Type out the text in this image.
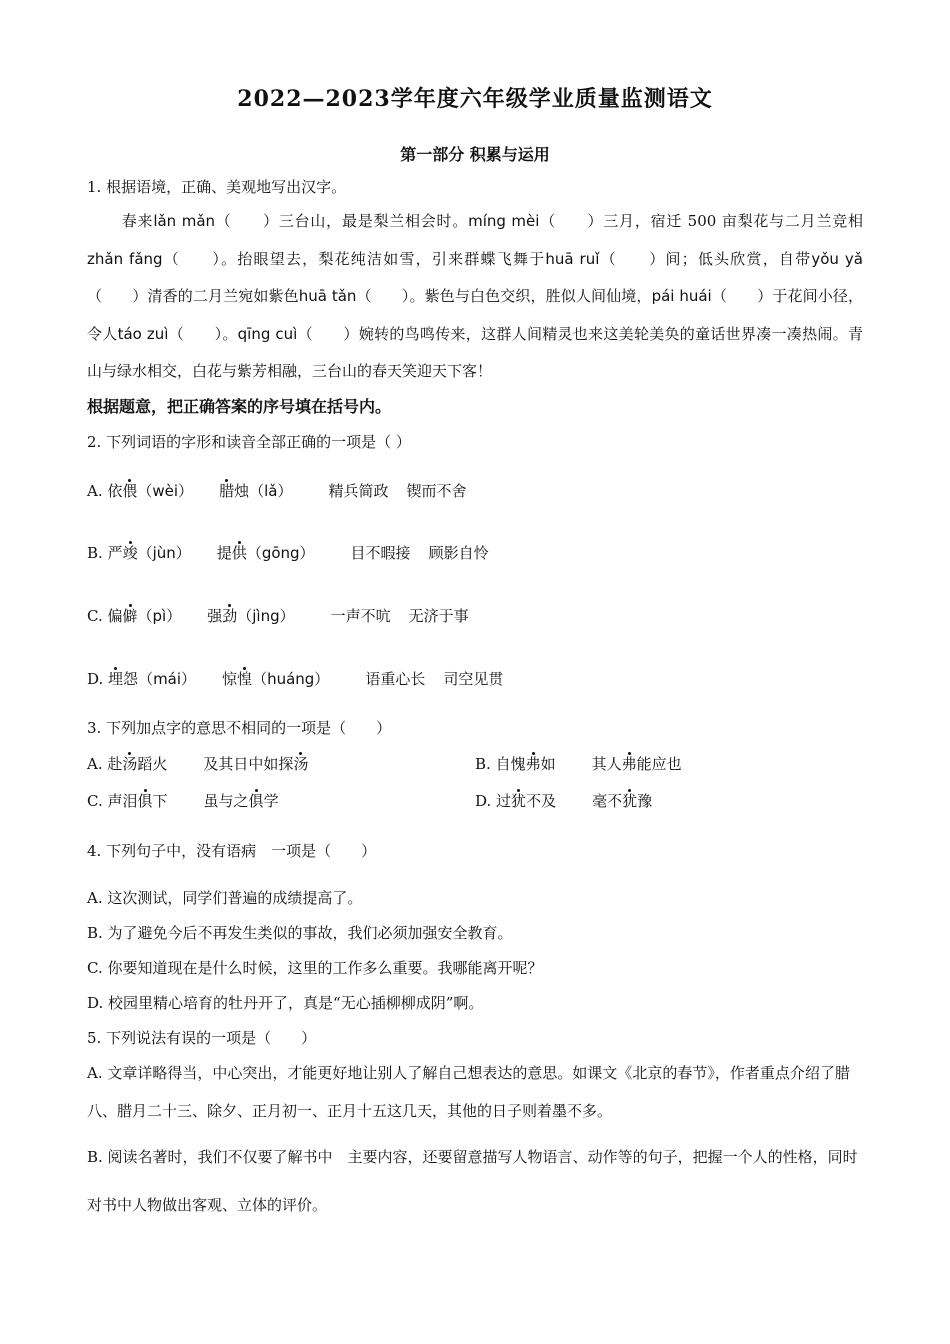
2022—2023学年度六年级学业质量监测语文
第一部分 积累与运用
1. 根据语境，正确、美观地写出汉字。
春来lǎn mǎn（　　）三台山，最是梨兰相会时。míng mèi（　　）三月，宿迁 500 亩梨花与二月兰竞相zhǎn fǎng（　　）。抬眼望去，梨花纯洁如雪，引来群蝶飞舞于huā ruǐ（　　）间；低头欣赏，自带yǒu yǎ（　　）清香的二月兰宛如紫色huā tǎn（　　）。紫色与白色交织，胜似人间仙境，pái huái（　　）于花间小径，令人táo zuì（　　）。qīng cuì（　　）婉转的鸟鸣传来，这群人间精灵也来这美轮美奂的童话世界凑一凑热闹。青山与绿水相交，白花与紫芳相融，三台山的春天笑迎天下客！
根据题意，把正确答案的序号填在括号内。
2. 下列词语的字形和读音全部正确的一项是（ ）
A. 依偎（wèi） 腊烛（lǎ） 精兵简政 锲而不舍
B. 严竣（jùn） 提供（gōng） 目不暇接 顾影自怜
C. 偏僻（pì） 强劲（jìng） 一声不吭 无济于事
D. 埋怨（mái） 惊惶（huáng） 语重心长 司空见贯
3. 下列加点字的意思不相同的一项是（　　）
A. 赴汤蹈火 及其日中如探汤	B. 自愧弗如 其人弗能应也
C. 声泪俱下 虽与之俱学	D. 过犹不及 毫不犹豫
4. 下列句子中，没有语病　一项是（　　）
A. 这次测试，同学们普遍的成绩提高了。
B. 为了避免今后不再发生类似的事故，我们必须加强安全教育。
C. 你要知道现在是什么时候，这里的工作多么重要。我哪能离开呢？
D. 校园里精心培育的牡丹开了，真是“无心插柳柳成阴”啊。
5. 下列说法有误的一项是（　　）
A. 文章详略得当，中心突出，才能更好地让别人了解自己想表达的意思。如课文《北京的春节》，作者重点介绍了腊八、腊月二十三、除夕、正月初一、正月十五这几天，其他的日子则着墨不多。
B. 阅读名著时，我们不仅要了解书中　主要内容，还要留意描写人物语言、动作等的句子，把握一个人的性格，同时对书中人物做出客观、立体的评价。
